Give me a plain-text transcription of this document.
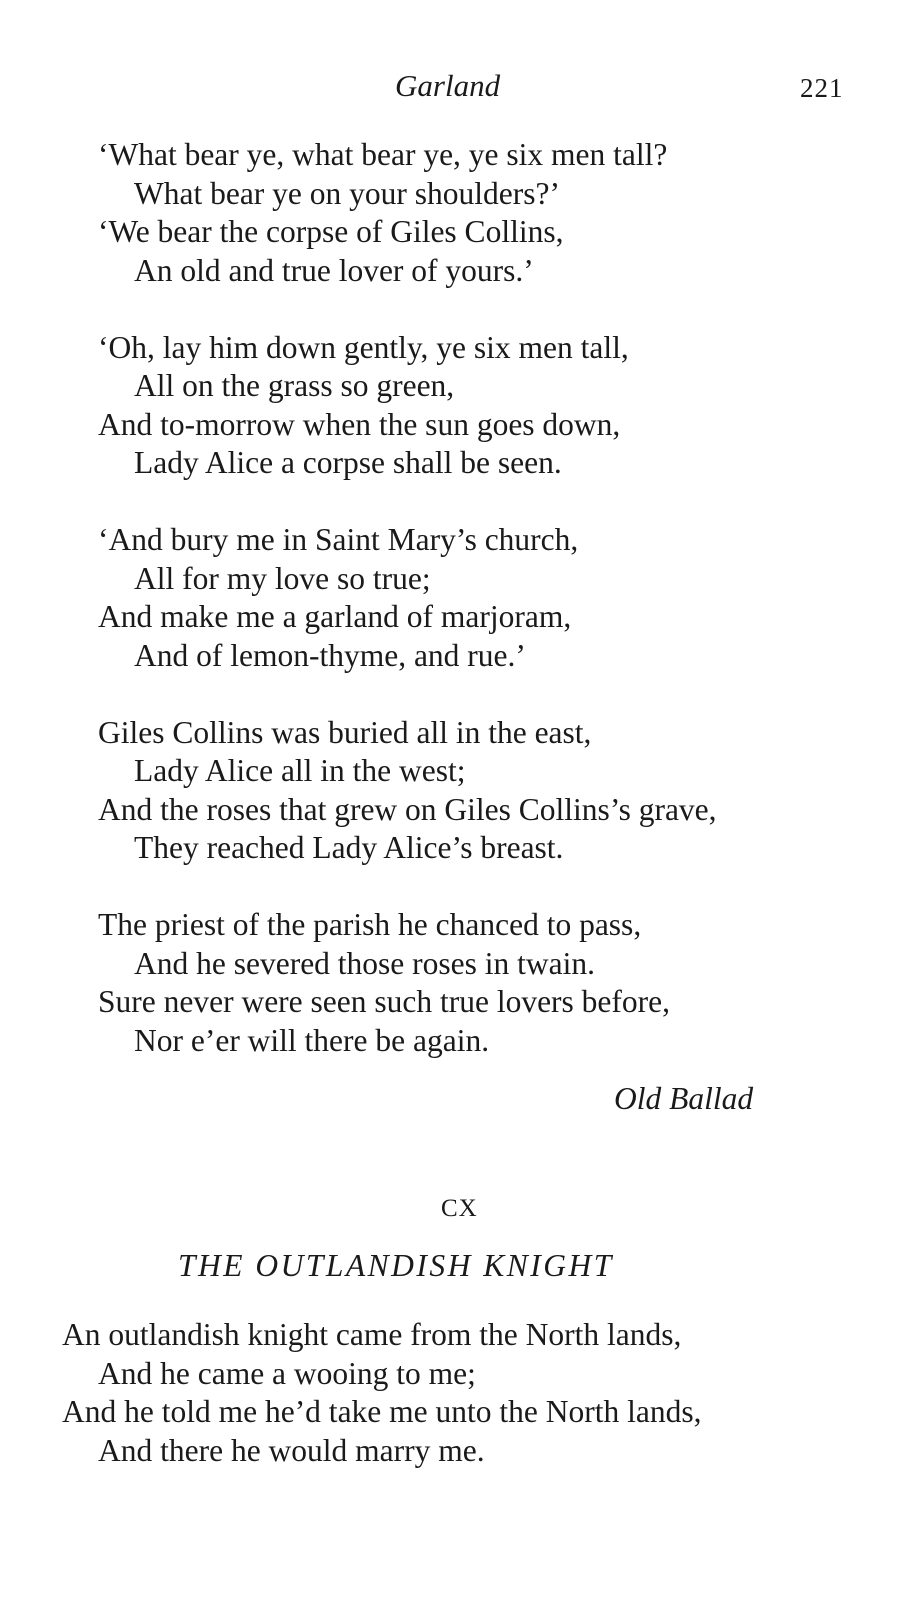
Garland	221
‘What bear ye, what bear ye, ye six men tall?
What bear ye on your shoulders?’
‘We bear the corpse of Giles Collins,
An old and true lover of yours.’
‘Oh, lay him down gently, ye six men tall,
All on the grass so green,
And to-morrow when the sun goes down,
Lady Alice a corpse shall be seen.
‘And bury me in Saint Mary’s church,
All for my love so true;
And make me a garland of marjoram,
And of lemon-thyme, and rue.’
Giles Collins was buried all in the east,
Lady Alice all in the west;
And the roses that grew on Giles Collins’s grave,
They reached Lady Alice’s breast.
The priest of the parish he chanced to pass,
And he severed those roses in twain.
Sure never were seen such true lovers before,
Nor e’er will there be again.
Old Ballad
CX
THE OUTLANDISH KNIGHT
An outlandish knight came from the North lands,
And he came a wooing to me;
And he told me he’d take me unto the North lands,
And there he would marry me.
